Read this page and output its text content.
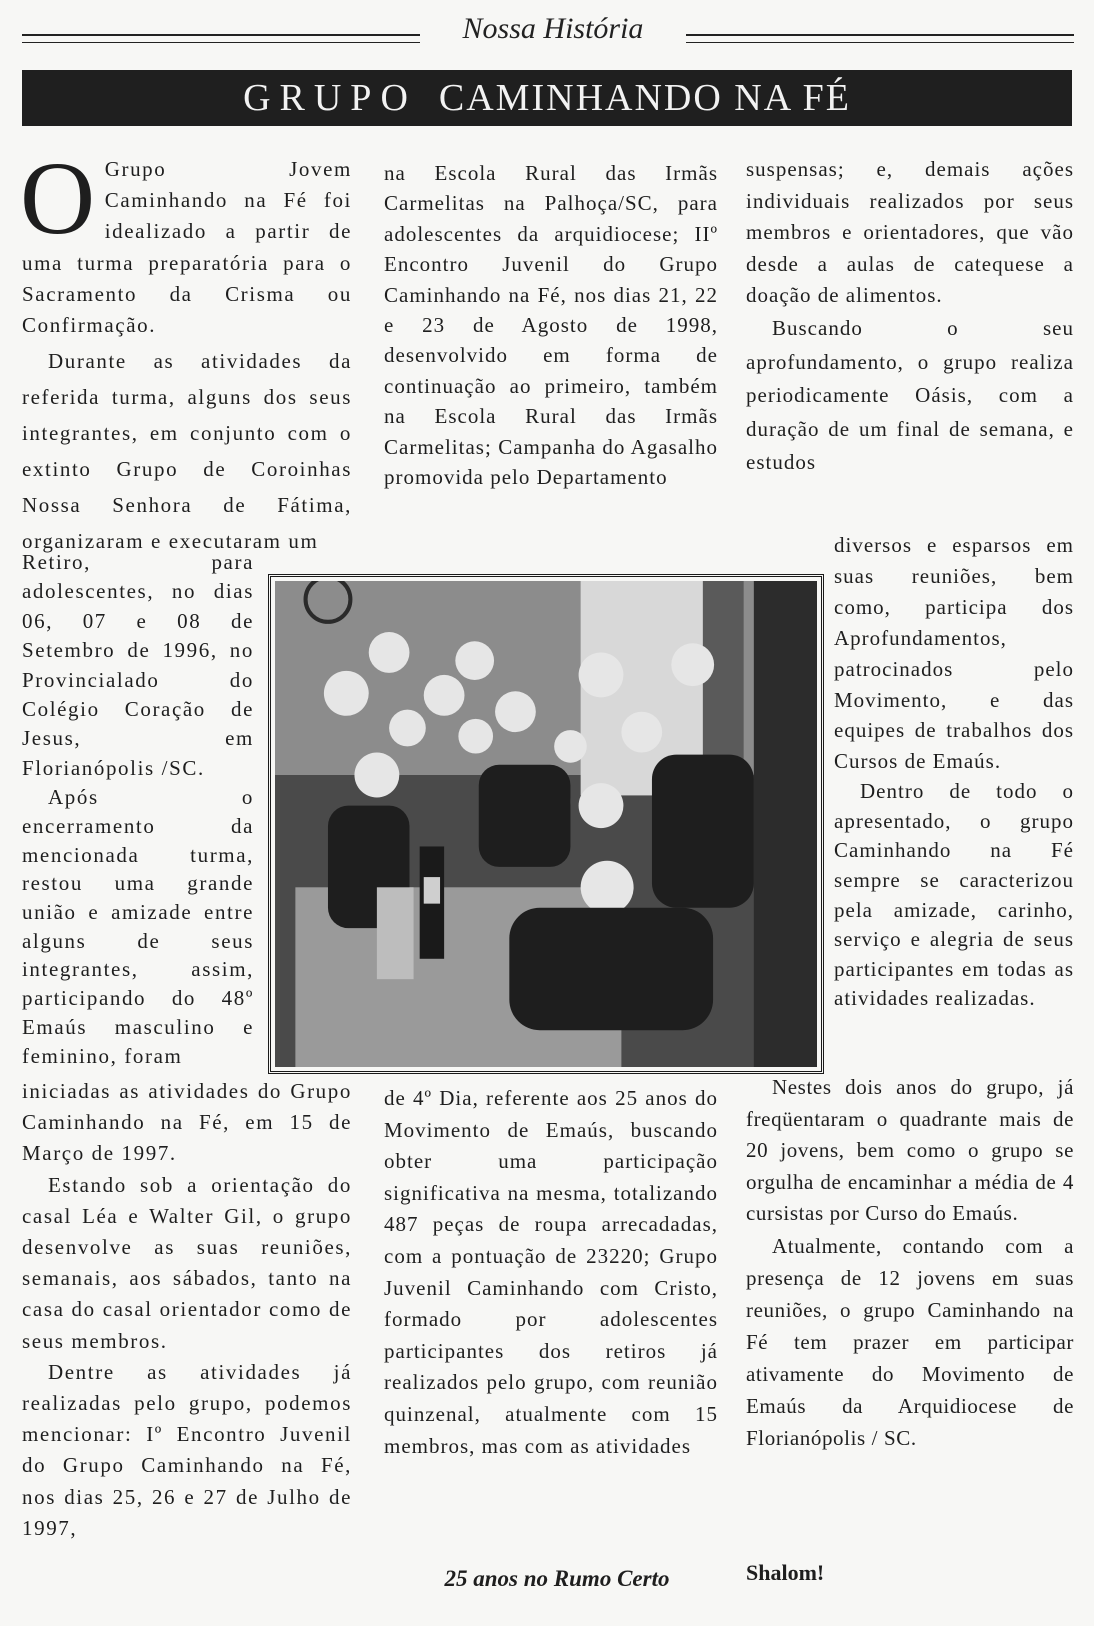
Nossa História
GRUPO CAMINHANDO NA FÉ

O Grupo Jovem Caminhando na Fé foi idealizado a partir de uma turma preparatória para o Sacramento da Crisma ou Confirmação.

Durante as atividades da referida turma, alguns dos seus integrantes, em conjunto com o extinto Grupo de Coroinhas Nossa Senhora de Fátima, organizaram e executaram um

Retiro, para adolescentes, no dias 06, 07 e 08 de Setembro de 1996, no Provincialado do Colégio Coração de Jesus, em Florianópolis /SC.

Após o encerramento da mencionada turma, restou uma grande união e amizade entre alguns de seus integrantes, assim, participando do 48º Emaús masculino e feminino, foram

iniciadas as atividades do Grupo Caminhando na Fé, em 15 de Março de 1997.

Estando sob a orientação do casal Léa e Walter Gil, o grupo desenvolve as suas reuniões, semanais, aos sábados, tanto na casa do casal orientador como de seus membros.

Dentre as atividades já realizadas pelo grupo, podemos mencionar: Iº Encontro Juvenil do Grupo Caminhando na Fé, nos dias 25, 26 e 27 de Julho de 1997,

na Escola Rural das Irmãs Carmelitas na Palhoça/SC, para adolescentes da arquidiocese; IIº Encontro Juvenil do Grupo Caminhando na Fé, nos dias 21, 22 e 23 de Agosto de 1998, desenvolvido em forma de continuação ao primeiro, também na Escola Rural das Irmãs Carmelitas; Campanha do Agasalho promovida pelo Departamento

de 4º Dia, referente aos 25 anos do Movimento de Emaús, buscando obter uma participação significativa na mesma, totalizando 487 peças de roupa arrecadadas, com a pontuação de 23220; Grupo Juvenil Caminhando com Cristo, formado por adolescentes participantes dos retiros já realizados pelo grupo, com reunião quinzenal, atualmente com 15 membros, mas com as atividades

suspensas; e, demais ações individuais realizados por seus membros e orientadores, que vão desde a aulas de catequese a doação de alimentos.

Buscando o seu aprofundamento, o grupo realiza periodicamente Oásis, com a duração de um final de semana, e estudos

diversos e esparsos em suas reuniões, bem como, participa dos Aprofundamentos, patrocinados pelo Movimento, e das equipes de trabalhos dos Cursos de Emaús.

Dentro de todo o apresentado, o grupo Caminhando na Fé sempre se caracterizou pela amizade, carinho, serviço e alegria de seus participantes em todas as atividades realizadas.

Nestes dois anos do grupo, já freqüentaram o quadrante mais de 20 jovens, bem como o grupo se orgulha de encaminhar a média de 4 cursistas por Curso do Emaús.

Atualmente, contando com a presença de 12 jovens em suas reuniões, o grupo Caminhando na Fé tem prazer em participar ativamente do Movimento de Emaús da Arquidiocese de Florianópolis / SC.

Shalom!
25 anos no Rumo Certo
